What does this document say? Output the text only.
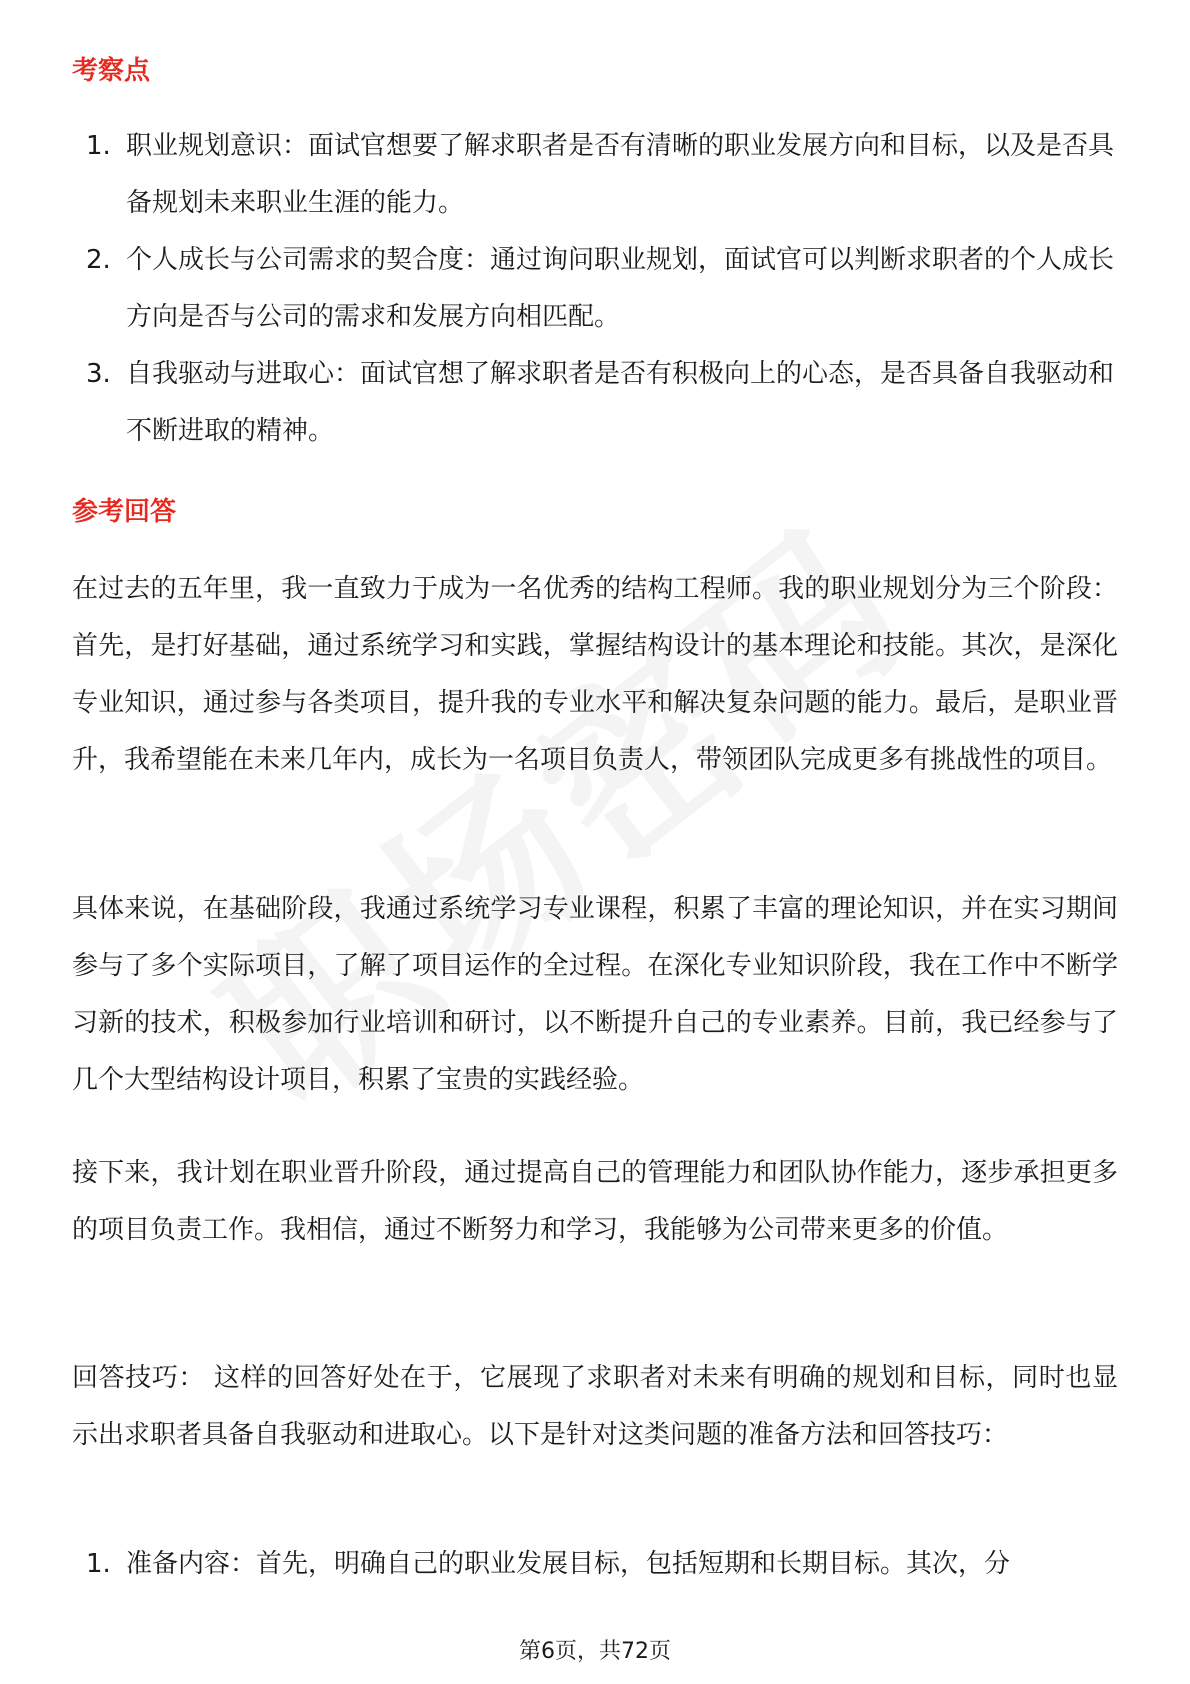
考察点
1. 职业规划意识：面试官想要了解求职者是否有清晰的职业发展方向和目标，以及是否具备规划未来职业生涯的能力。
2. 个人成长与公司需求的契合度：通过询问职业规划，面试官可以判断求职者的个人成长方向是否与公司的需求和发展方向相匹配。
3. 自我驱动与进取心：面试官想了解求职者是否有积极向上的心态，是否具备自我驱动和不断进取的精神。
参考回答

在过去的五年里，我一直致力于成为一名优秀的结构工程师。我的职业规划分为三个阶段：首先，是打好基础，通过系统学习和实践，掌握结构设计的基本理论和技能。其次，是深化专业知识，通过参与各类项目，提升我的专业水平和解决复杂问题的能力。最后，是职业晋升，我希望能在未来几年内，成长为一名项目负责人，带领团队完成更多有挑战性的项目。

具体来说，在基础阶段，我通过系统学习专业课程，积累了丰富的理论知识，并在实习期间参与了多个实际项目，了解了项目运作的全过程。在深化专业知识阶段，我在工作中不断学习新的技术，积极参加行业培训和研讨，以不断提升自己的专业素养。目前，我已经参与了几个大型结构设计项目，积累了宝贵的实践经验。

接下来，我计划在职业晋升阶段，通过提高自己的管理能力和团队协作能力，逐步承担更多的项目负责工作。我相信，通过不断努力和学习，我能够为公司带来更多的价值。

回答技巧： 这样的回答好处在于，它展现了求职者对未来有明确的规划和目标，同时也显示出求职者具备自我驱动和进取心。以下是针对这类问题的准备方法和回答技巧：

1. 准备内容：首先，明确自己的职业发展目标，包括短期和长期目标。其次，分
第6页，共72页
